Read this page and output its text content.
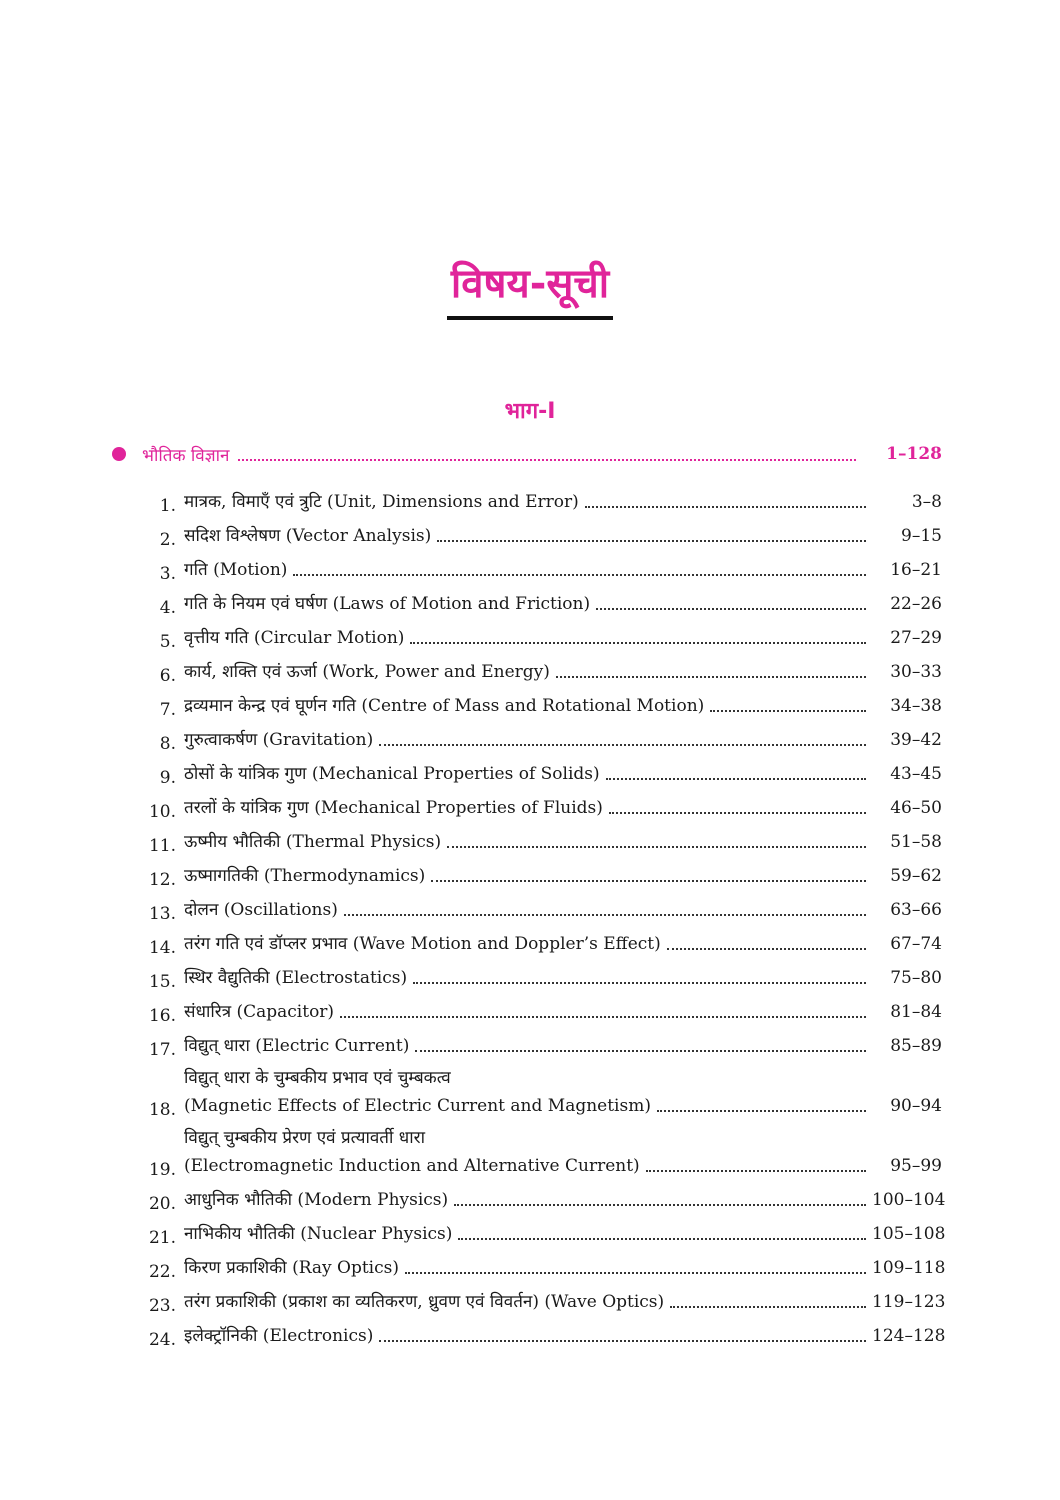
विषय-सूची
भाग-I
भौतिक विज्ञान	1–128
1. मात्रक, विमाएँ एवं त्रुटि (Unit, Dimensions and Error)	3–8
2. सदिश विश्लेषण (Vector Analysis)	9–15
3. गति (Motion)	16–21
4. गति के नियम एवं घर्षण (Laws of Motion and Friction)	22–26
5. वृत्तीय गति (Circular Motion)	27–29
6. कार्य, शक्ति एवं ऊर्जा (Work, Power and Energy)	30–33
7. द्रव्यमान केन्द्र एवं घूर्णन गति (Centre of Mass and Rotational Motion)	34–38
8. गुरुत्वाकर्षण (Gravitation)	39–42
9. ठोसों के यांत्रिक गुण (Mechanical Properties of Solids)	43–45
10. तरलों के यांत्रिक गुण (Mechanical Properties of Fluids)	46–50
11. ऊष्मीय भौतिकी (Thermal Physics)	51–58
12. ऊष्मागतिकी (Thermodynamics)	59–62
13. दोलन (Oscillations)	63–66
14. तरंग गति एवं डॉप्लर प्रभाव (Wave Motion and Doppler’s Effect)	67–74
15. स्थिर वैद्युतिकी (Electrostatics)	75–80
16. संधारित्र (Capacitor)	81–84
17. विद्युत् धारा (Electric Current)	85–89
18.
विद्युत् धारा के चुम्बकीय प्रभाव एवं चुम्बकत्व
(Magnetic Effects of Electric Current and Magnetism)	90–94
19.
विद्युत् चुम्बकीय प्रेरण एवं प्रत्यावर्ती धारा
(Electromagnetic Induction and Alternative Current)	95–99
20. आधुनिक भौतिकी (Modern Physics)	100–104
21. नाभिकीय भौतिकी (Nuclear Physics)	105–108
22. किरण प्रकाशिकी (Ray Optics)	109–118
23. तरंग प्रकाशिकी (प्रकाश का व्यतिकरण, ध्रुवण एवं विवर्तन) (Wave Optics)	119–123
24. इलेक्ट्रॉनिकी (Electronics)	124–128
